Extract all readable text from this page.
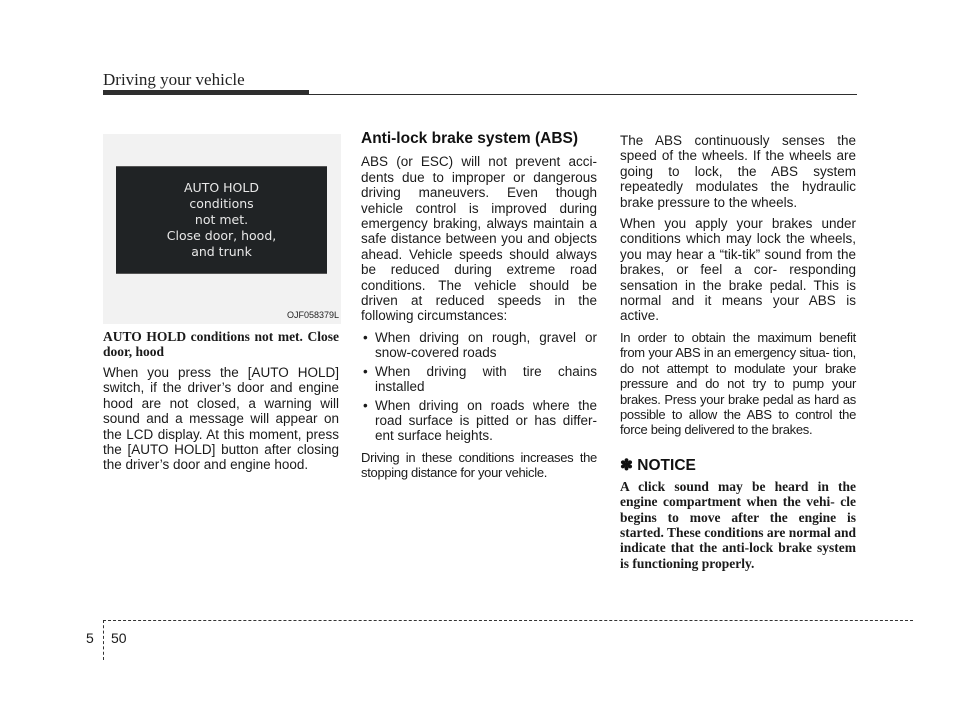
Driving your vehicle
AUTO HOLD
conditions
not met.
Close door, hood,
and trunk
OJF058379L

AUTO HOLD conditions not met. Close door, hood

When you press the [AUTO HOLD] switch, if the driver’s door and engine hood are not closed, a warning will sound and a message will appear on the LCD display. At this moment, press the [AUTO HOLD] button after closing the driver’s door and engine hood.

Anti-lock brake system (ABS)

ABS (or ESC) will not prevent acci- dents due to improper or dangerous driving maneuvers. Even though vehicle control is improved during emergency braking, always maintain a safe distance between you and objects ahead. Vehicle speeds should always be reduced during extreme road conditions. The vehicle should be driven at reduced speeds in the following circumstances:

• When driving on rough, gravel or snow-covered roads
• When driving with tire chains installed
• When driving on roads where the road surface is pitted or has differ- ent surface heights.

Driving in these conditions increases the stopping distance for your vehicle.

The ABS continuously senses the speed of the wheels. If the wheels are going to lock, the ABS system repeatedly modulates the hydraulic brake pressure to the wheels.

When you apply your brakes under conditions which may lock the wheels, you may hear a “tik-tik” sound from the brakes, or feel a cor- responding sensation in the brake pedal. This is normal and it means your ABS is active.

In order to obtain the maximum benefit from your ABS in an emergency situa- tion, do not attempt to modulate your brake pressure and do not try to pump your brakes. Press your brake pedal as hard as possible to allow the ABS to control the force being delivered to the brakes.

✽ NOTICE

A click sound may be heard in the engine compartment when the vehi- cle begins to move after the engine is started. These conditions are normal and indicate that the anti-lock brake system is functioning properly.

5 50
